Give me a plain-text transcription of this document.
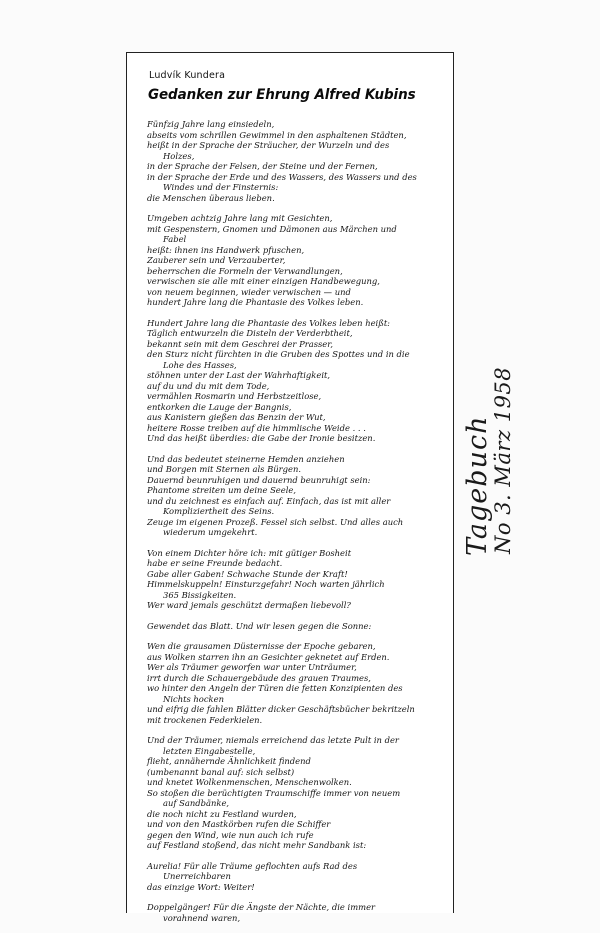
Ludvík Kundera
Gedanken zur Ehrung Alfred Kubins
Fünfzig Jahre lang einsiedeln,
abseits vom schrillen Gewimmel in den asphaltenen Städten,
heißt in der Sprache der Sträucher, der Wurzeln und des
Holzes,
in der Sprache der Felsen, der Steine und der Fernen,
in der Sprache der Erde und des Wassers, des Wassers und des
Windes und der Finsternis:
die Menschen überaus lieben.
Umgeben achtzig Jahre lang mit Gesichten,
mit Gespenstern, Gnomen und Dämonen aus Märchen und
Fabel
heißt: ihnen ins Handwerk pfuschen,
Zauberer sein und Verzauberter,
beherrschen die Formeln der Verwandlungen,
verwischen sie alle mit einer einzigen Handbewegung,
von neuem beginnen, wieder verwischen — und
hundert Jahre lang die Phantasie des Volkes leben.
Hundert Jahre lang die Phantasie des Volkes leben heißt:
Täglich entwurzeln die Disteln der Verderbtheit,
bekannt sein mit dem Geschrei der Prasser,
den Sturz nicht fürchten in die Gruben des Spottes und in die
Lohe des Hasses,
stöhnen unter der Last der Wahrhaftigkeit,
auf du und du mit dem Tode,
vermählen Rosmarin und Herbstzeitlose,
entkorken die Lauge der Bangnis,
aus Kanistern gießen das Benzin der Wut,
heitere Rosse treiben auf die himmlische Weide . . .
Und das heißt überdies: die Gabe der Ironie besitzen.
Und das bedeutet steinerne Hemden anziehen
und Borgen mit Sternen als Bürgen.
Dauernd beunruhigen und dauernd beunruhigt sein:
Phantome streiten um deine Seele,
und du zeichnest es einfach auf. Einfach, das ist mit aller
Kompliziertheit des Seins.
Zeuge im eigenen Prozeß. Fessel sich selbst. Und alles auch
wiederum umgekehrt.
Von einem Dichter höre ich: mit gütiger Bosheit
habe er seine Freunde bedacht.
Gabe aller Gaben! Schwache Stunde der Kraft!
Himmelskuppeln! Einsturzgefahr! Noch warten jährlich
365 Bissigkeiten.
Wer ward jemals geschützt dermaßen liebevoll?
Gewendet das Blatt. Und wir lesen gegen die Sonne:
Wen die grausamen Düsternisse der Epoche gebaren,
aus Wolken starren ihn an Gesichter geknetet auf Erden.
Wer als Träumer geworfen war unter Unträumer,
irrt durch die Schauergebäude des grauen Traumes,
wo hinter den Angeln der Türen die fetten Konzipienten des
Nichts hocken
und eifrig die fahlen Blätter dicker Geschäftsbücher bekritzeln
mit trockenen Federkielen.
Und der Träumer, niemals erreichend das letzte Pult in der
letzten Eingabestelle,
flieht, annähernde Ähnlichkeit findend
(umbenannt banal auf: sich selbst)
und knetet Wolkenmenschen, Menschenwolken.
So stoßen die berüchtigten Traumschiffe immer von neuem
auf Sandbänke,
die noch nicht zu Festland wurden,
und von den Mastkörben rufen die Schiffer
gegen den Wind, wie nun auch ich rufe
auf Festland stoßend, das nicht mehr Sandbank ist:
Aurelia! Für alle Träume geflochten aufs Rad des
Unerreichbaren
das einzige Wort: Weiter!
Doppelgänger! Für die Ängste der Nächte, die immer
vorahnend waren,
Tagebuch
No 3. März 1958
